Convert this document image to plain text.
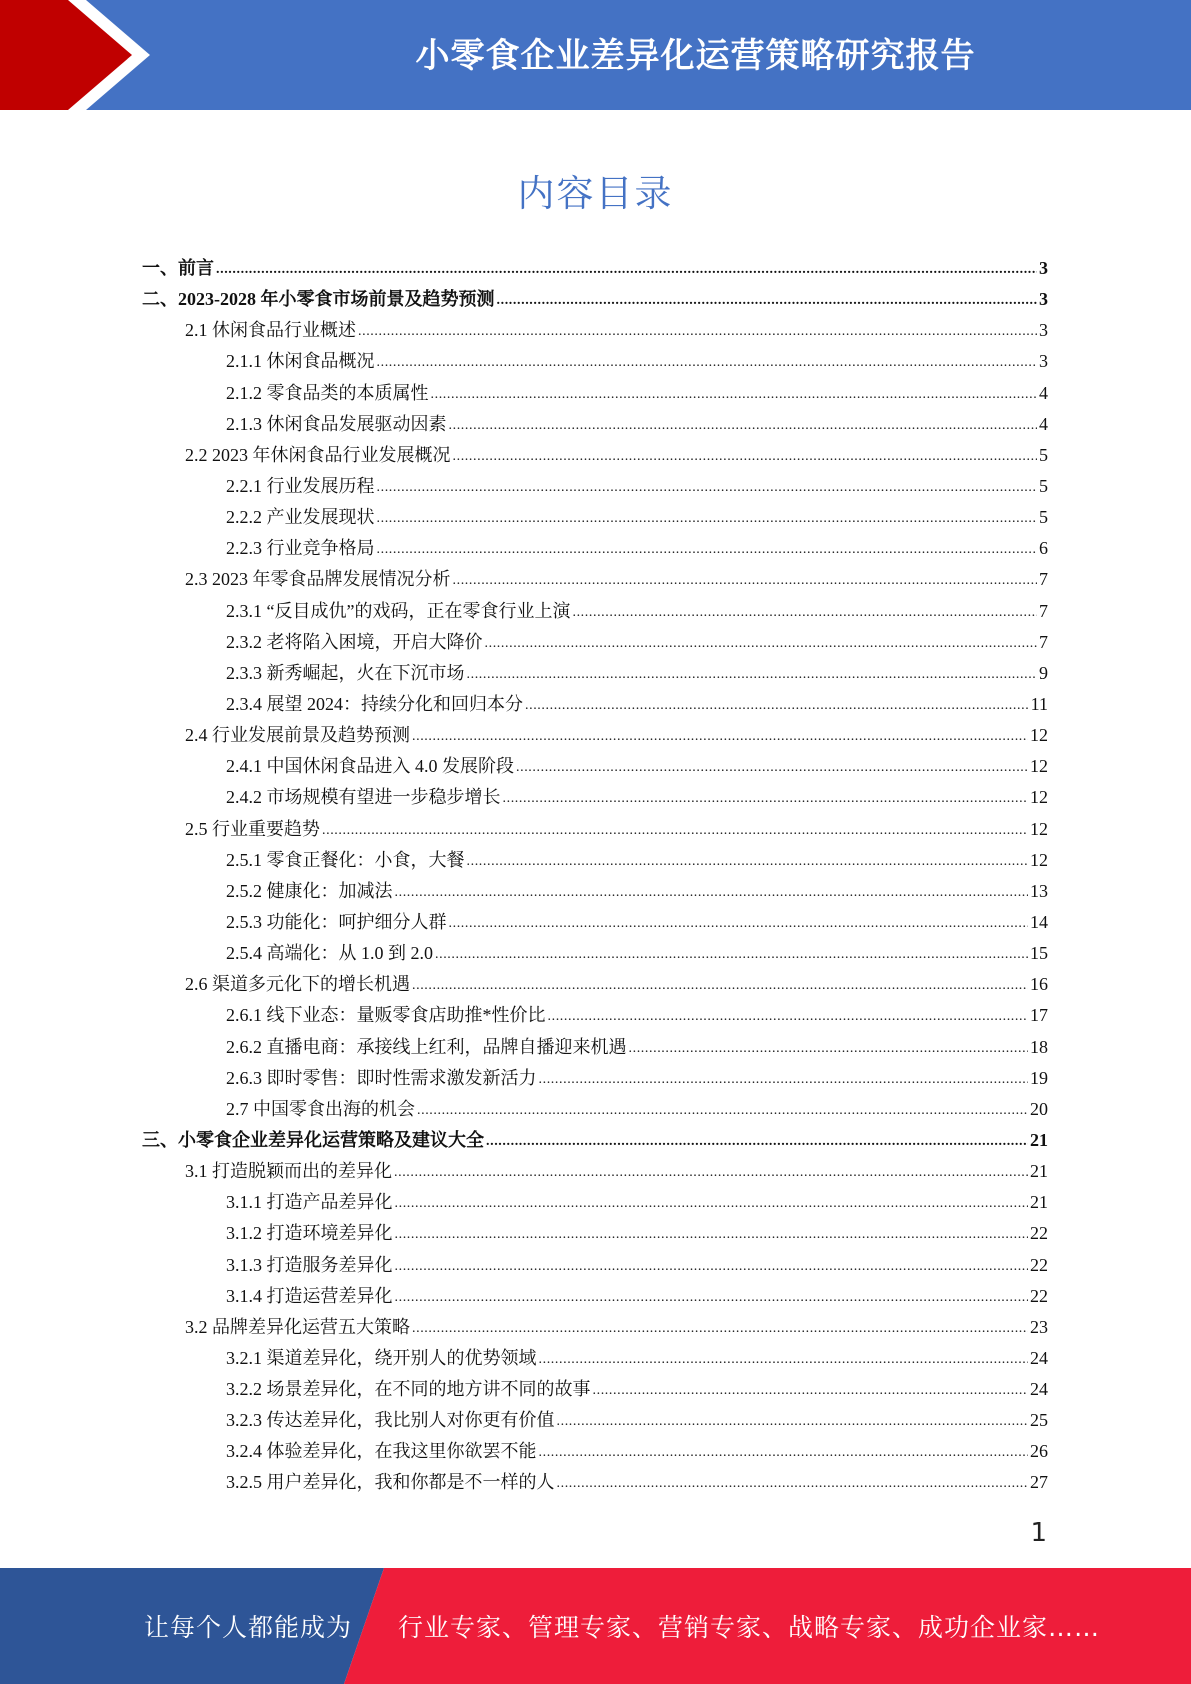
小零食企业差异化运营策略研究报告
内容目录
一、前言 .....	3
二、2023-2028 年小零食市场前景及趋势预测 .....	3
2.1 休闲食品行业概述 .....	3
2.1.1 休闲食品概况 .....	3
2.1.2 零食品类的本质属性 .....	4
2.1.3 休闲食品发展驱动因素 .....	4
2.2 2023 年休闲食品行业发展概况 .....	5
2.2.1 行业发展历程 .....	5
2.2.2 产业发展现状 .....	5
2.2.3 行业竞争格局 .....	6
2.3 2023 年零食品牌发展情况分析 .....	7
2.3.1 “反目成仇”的戏码，正在零食行业上演 .....	7
2.3.2 老将陷入困境，开启大降价 .....	7
2.3.3 新秀崛起，火在下沉市场 .....	9
2.3.4 展望 2024：持续分化和回归本分 .....	11
2.4 行业发展前景及趋势预测 .....	12
2.4.1 中国休闲食品进入 4.0 发展阶段 .....	12
2.4.2 市场规模有望进一步稳步增长 .....	12
2.5 行业重要趋势 .....	12
2.5.1 零食正餐化：小食，大餐 .....	12
2.5.2 健康化：加减法 .....	13
2.5.3 功能化：呵护细分人群 .....	14
2.5.4 高端化：从 1.0 到 2.0 .....	15
2.6 渠道多元化下的增长机遇 .....	16
2.6.1 线下业态：量贩零食店助推*性价比 .....	17
2.6.2 直播电商：承接线上红利，品牌自播迎来机遇 .....	18
2.6.3 即时零售：即时性需求激发新活力 .....	19
2.7 中国零食出海的机会 .....	20
三、小零食企业差异化运营策略及建议大全 .....	21
3.1 打造脱颖而出的差异化 .....	21
3.1.1 打造产品差异化 .....	21
3.1.2 打造环境差异化 .....	22
3.1.3 打造服务差异化 .....	22
3.1.4 打造运营差异化 .....	22
3.2 品牌差异化运营五大策略 .....	23
3.2.1 渠道差异化，绕开别人的优势领域 .....	24
3.2.2 场景差异化，在不同的地方讲不同的故事 .....	24
3.2.3 传达差异化，我比别人对你更有价值 .....	25
3.2.4 体验差异化，在我这里你欲罢不能 .....	26
3.2.5 用户差异化，我和你都是不一样的人 .....	27
1
让每个人都能成为 行业专家、管理专家、营销专家、战略专家、成功企业家……
